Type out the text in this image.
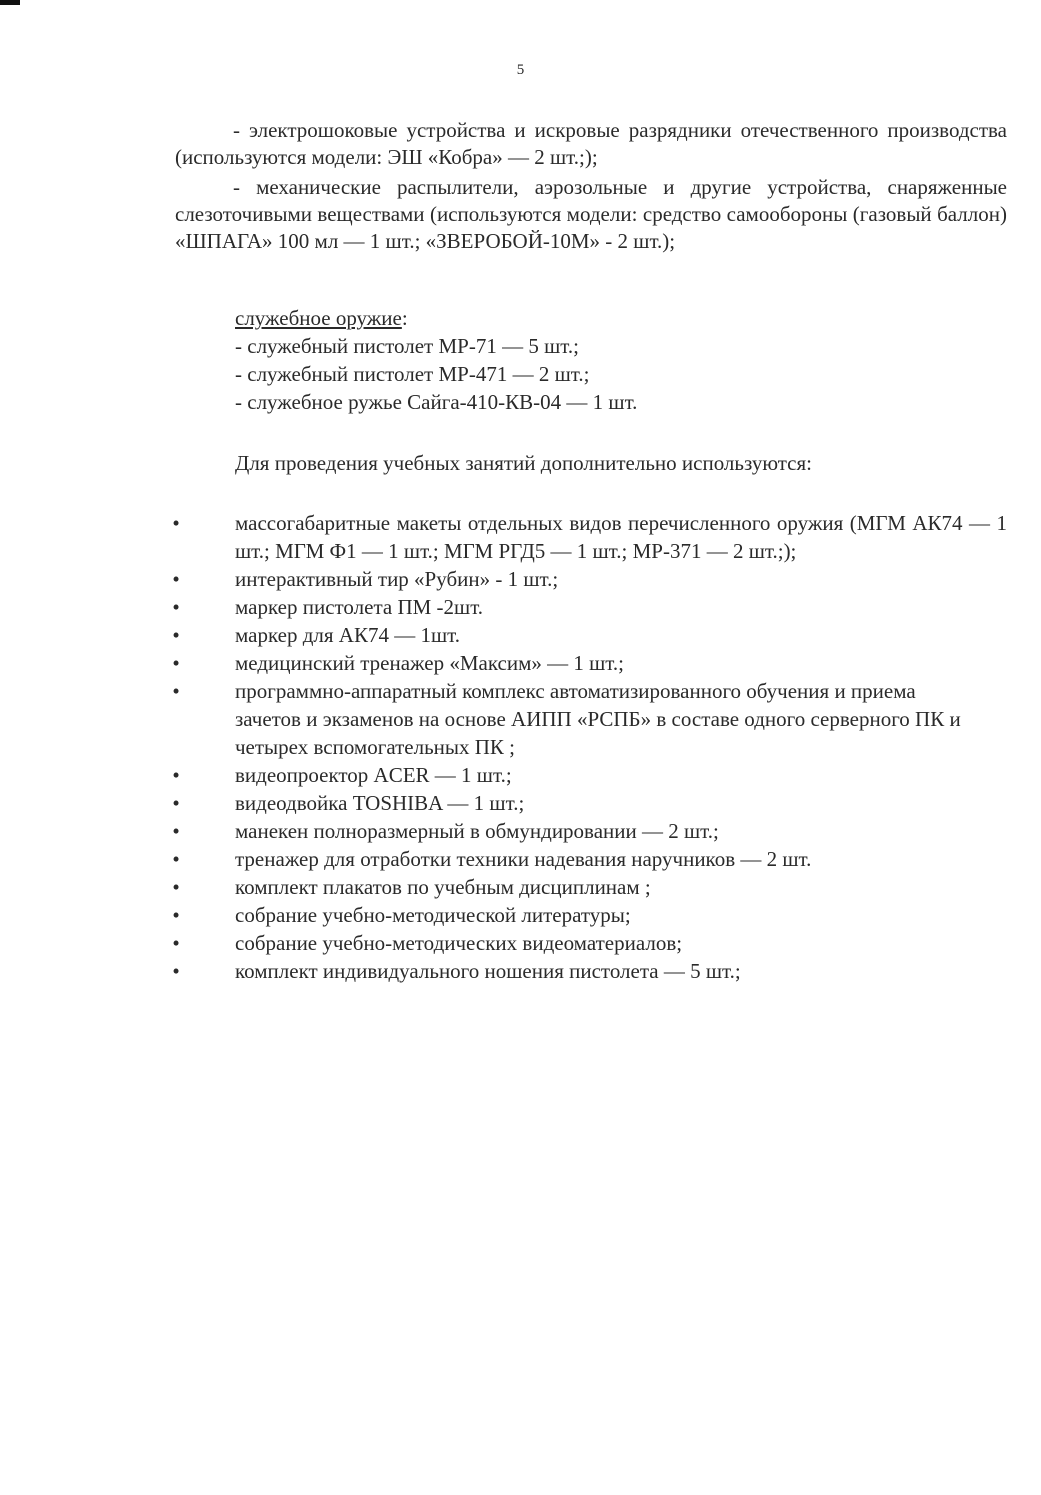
5

- электрошоковые устройства и искровые разрядники отечественного производства (используются модели: ЭШ «Кобра» — 2 шт.;);

- механические распылители, аэрозольные и другие устройства, снаряженные слезоточивыми веществами (используются модели: средство самообороны (газовый баллон) «ШПАГА» 100 мл — 1 шт.; «ЗВЕРОБОЙ-10М» - 2 шт.);

служебное оружие:
- служебный пистолет МР-71 — 5 шт.;
- служебный пистолет МР-471 — 2 шт.;
- служебное ружье Сайга-410-КВ-04 — 1 шт.
Для проведения учебных занятий дополнительно используются:
•	массогабаритные макеты отдельных видов перечисленного оружия (МГМ АК74 — 1 шт.; МГМ Ф1 — 1 шт.; МГМ РГД5 — 1 шт.; МР-371 — 2 шт.;);
•	интерактивный тир «Рубин» - 1 шт.;
•	маркер пистолета ПМ -2шт.
•	маркер для АК74 — 1шт.
•	медицинский тренажер «Максим» — 1 шт.;
•	программно-аппаратный комплекс автоматизированного обучения и приема зачетов и экзаменов на основе АИПП «РСПБ» в составе одного серверного ПК и четырех вспомогательных ПК ;
•	видеопроектор ACER — 1 шт.;
•	видеодвойка TOSHIBA — 1 шт.;
•	манекен полноразмерный в обмундировании — 2 шт.;
•	тренажер для отработки техники надевания наручников — 2 шт.
•	комплект плакатов по учебным дисциплинам ;
•	собрание учебно-методической литературы;
•	собрание учебно-методических видеоматериалов;
•	комплект индивидуального ношения пистолета — 5 шт.;
